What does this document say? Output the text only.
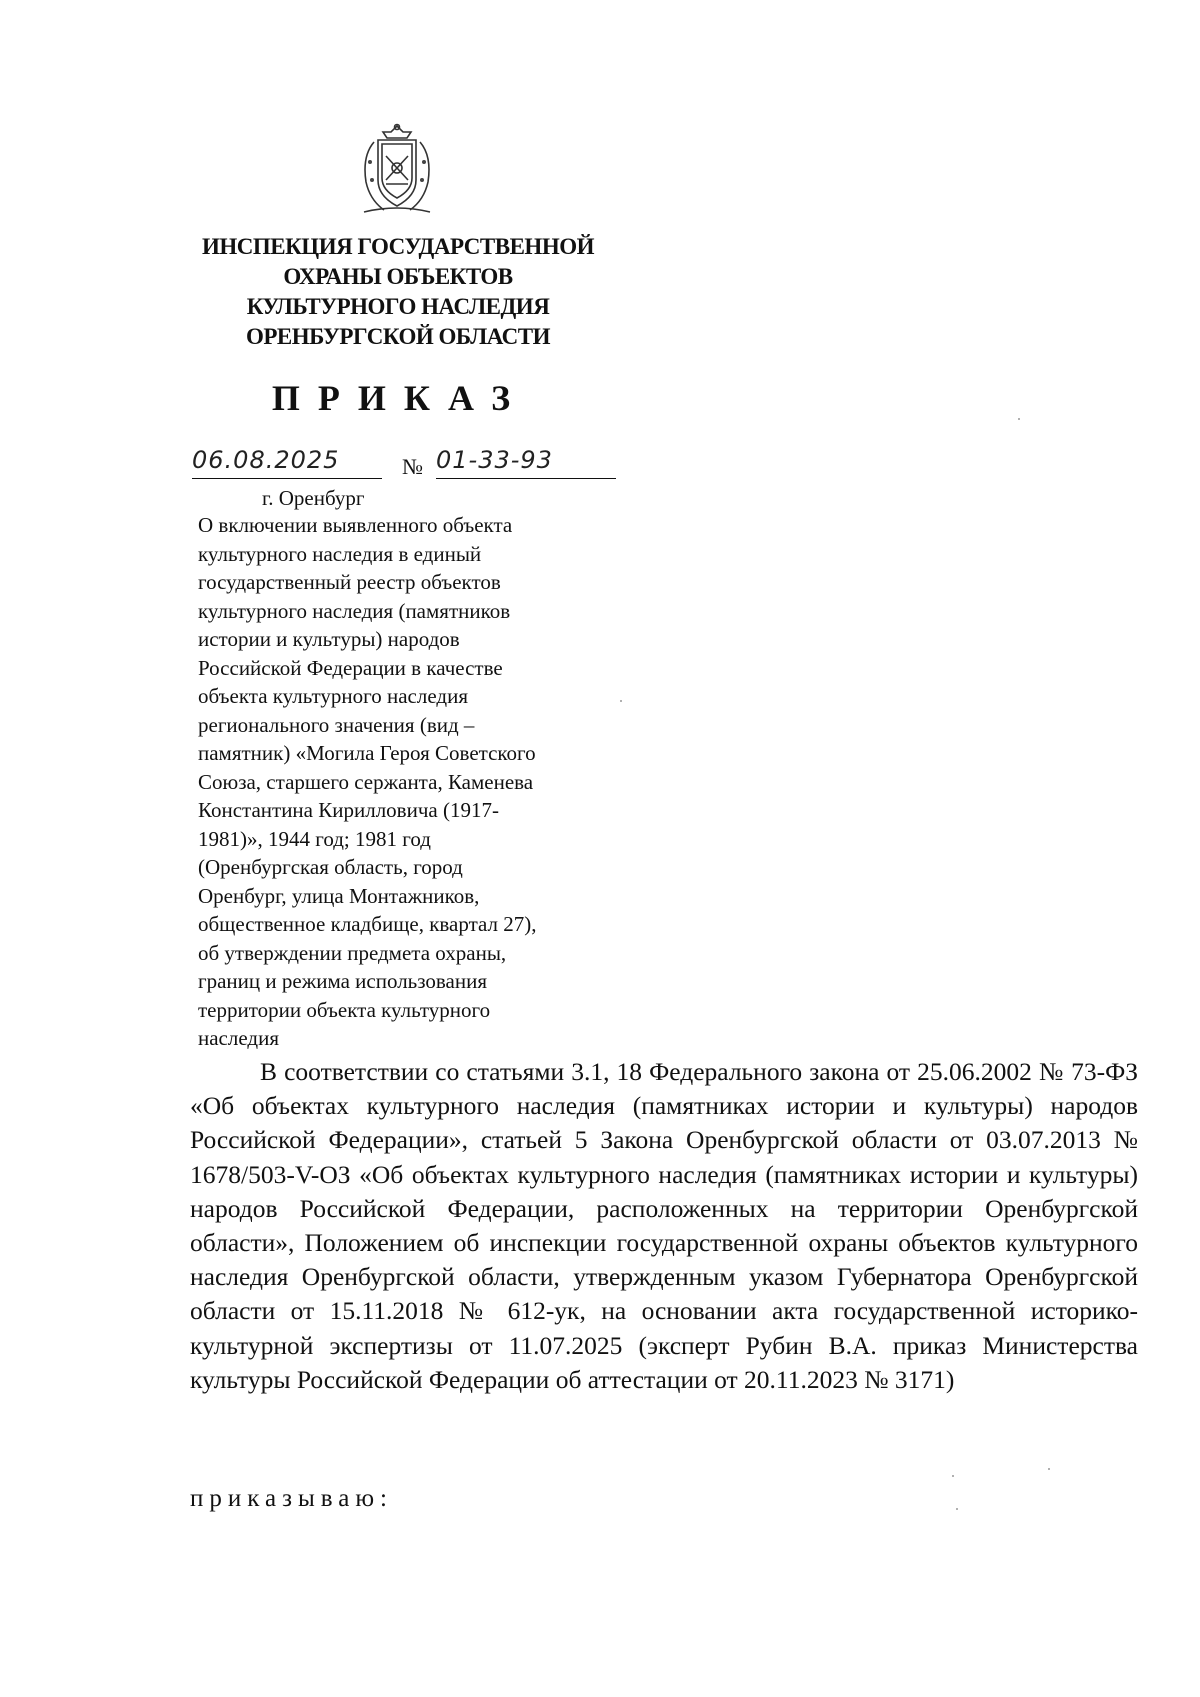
ИНСПЕКЦИЯ ГОСУДАРСТВЕННОЙ
ОХРАНЫ ОБЪЕКТОВ
КУЛЬТУРНОГО НАСЛЕДИЯ
ОРЕНБУРГСКОЙ ОБЛАСТИ
ПРИКАЗ
06.08.2025	№ 01-33-93
г. Оренбург
О включении выявленного объекта
культурного наследия в единый
государственный реестр объектов
культурного наследия (памятников
истории и культуры) народов
Российской Федерации в качестве
объекта культурного наследия
регионального значения (вид –
памятник) «Могила Героя Советского
Союза, старшего сержанта, Каменева
Константина Кирилловича (1917-
1981)», 1944 год; 1981 год
(Оренбургская область, город
Оренбург, улица Монтажников,
общественное кладбище, квартал 27),
об утверждении предмета охраны,
границ и режима использования
территории объекта культурного
наследия
В соответствии со статьями 3.1, 18 Федерального закона от 25.06.2002 № 73-ФЗ «Об объектах культурного наследия (памятниках истории и культуры) народов Российской Федерации», статьей 5 Закона Оренбургской области от 03.07.2013 № 1678/503-V-ОЗ «Об объектах культурного наследия (памятниках истории и культуры) народов Российской Федерации, расположенных на территории Оренбургской области», Положением об инспекции государственной охраны объектов культурного наследия Оренбургской области, утвержденным указом Губернатора Оренбургской области от 15.11.2018 № 612-ук, на основании акта государственной историко-культурной экспертизы от 11.07.2025 (эксперт Рубин В.А. приказ Министерства культуры Российской Федерации об аттестации от 20.11.2023 № 3171)
приказываю:
